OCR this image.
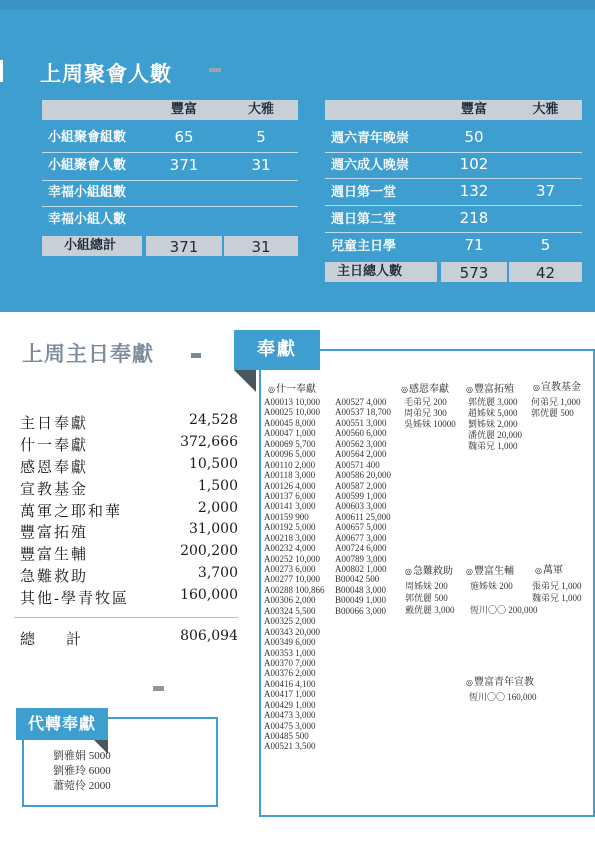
上周聚會人數
豐富	大雅
小組聚會組數	65	5
小組聚會人數	371	31
幸福小組組數
幸福小組人數
小組總計	371	31
豐富	大雅
週六青年晚崇	50
週六成人晚崇	102
週日第一堂	132	37
週日第二堂	218
兒童主日學	71	5
主日總人數	573	42
上周主日奉獻
主日奉獻	24,528
什一奉獻	372,666
感恩奉獻	10,500
宣教基金	1,500
萬軍之耶和華	2,000
豐富拓殖	31,000
豐富生輔	200,200
急難救助	3,700
其他-學青牧區	160,000
總　計	806,094
代轉奉獻
劉雅娟 5000
劉雅玲 6000
蕭菀伶 2000
奉獻
◎什一奉獻
A00013 10,000
A00025 10,000
A00045 8,000
A00047 1,000
A00069 5,700
A00096 5,000
A00110 2,000
A00118 3,000
A00126 4,000
A00137 6,000
A00141 3,000
A00159 900
A00192 5,000
A00218 3,000
A00232 4,000
A00252 10,000
A00273 6,000
A00277 10,000
A00288 100,866
A00306 2,000
A00324 5,500
A00325 2,000
A00343 20,000
A00349 6,000
A00353 1,000
A00370 7,000
A00376 2,000
A00416 4,100
A00417 1,000
A00429 1,000
A00473 3,000
A00475 3,000
A00485 500
A00521 3,500
A00527 4,000
A00537 18,700
A00551 3,000
A00560 6,000
A00562 3,000
A00564 2,000
A00571 400
A00586 20,000
A00587 2,000
A00599 1,000
A00603 3,000
A00611 25,000
A00657 5,000
A00677 3,000
A00724 6,000
A00789 3,000
A00802 1,000
B00042 500
B00048 3,000
B00049 1,000
B00066 3,000
◎感恩奉獻
毛弟兄 200
周弟兄 300
吳姊妹 10000
◎豐富拓殖
郭侊麗 3,000
趙姊妹 5,000
劉姊妹 2,000
潘侊麗 20,000
魏弟兄 1,000
◎宣教基金
何弟兄 1,000
郭侊麗 500
◎急難救助
周姊妹 200
郭侊麗 500
戴侊麗 3,000
◎豐富生輔
施姊妹 200
恆川〇〇 200,000
◎萬軍
張弟兄 1,000
魏弟兄 1,000
◎豐富青年宣教
恆川〇〇 160,000
